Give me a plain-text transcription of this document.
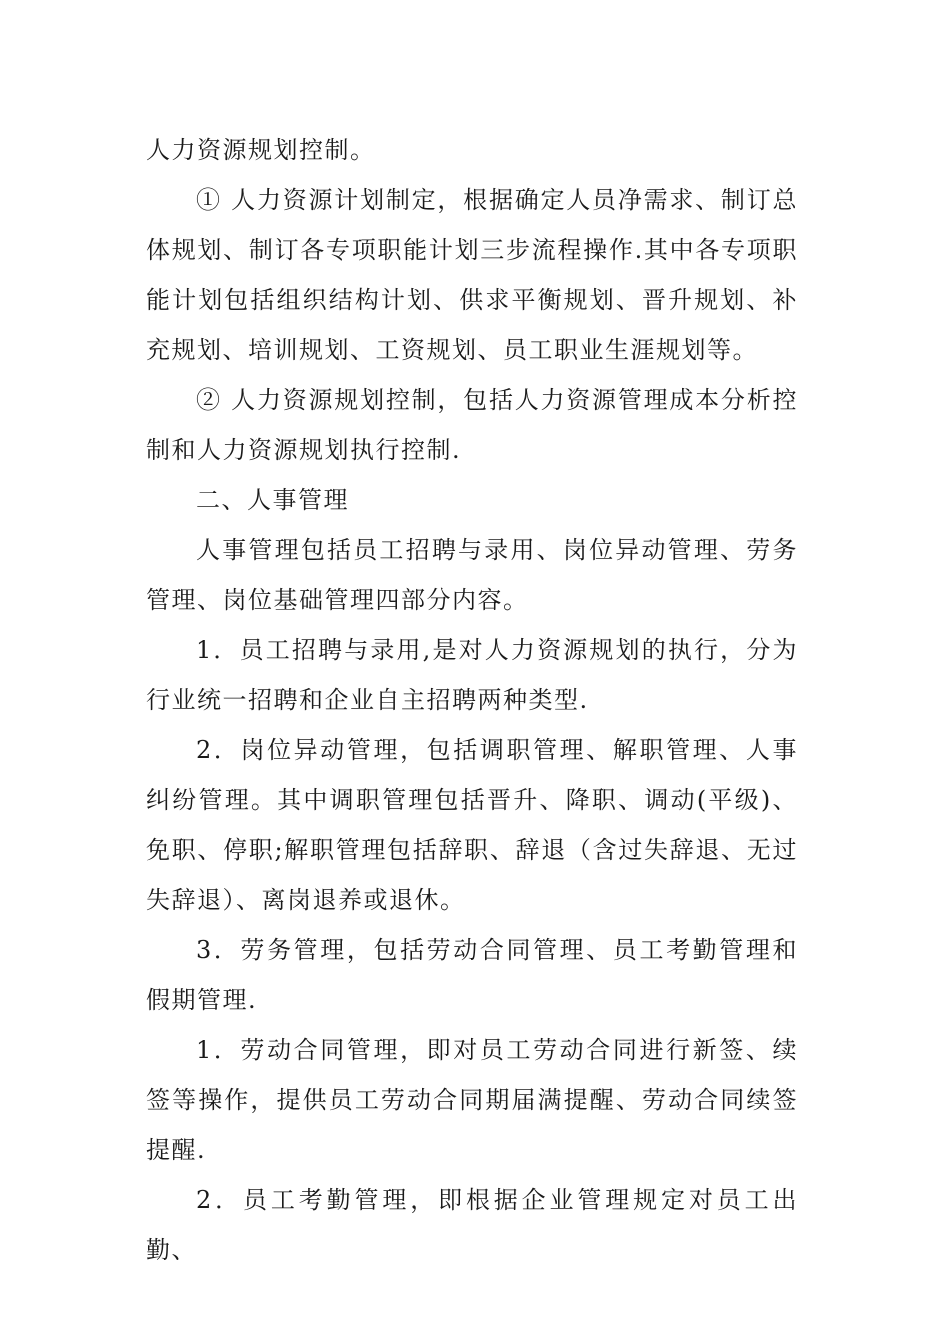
人力资源规划控制。

① 人力资源计划制定，根据确定人员净需求、制订总体规划、制订各专项职能计划三步流程操作.其中各专项职能计划包括组织结构计划、供求平衡规划、晋升规划、补充规划、培训规划、工资规划、员工职业生涯规划等。

② 人力资源规划控制，包括人力资源管理成本分析控制和人力资源规划执行控制.

二、人事管理

人事管理包括员工招聘与录用、岗位异动管理、劳务管理、岗位基础管理四部分内容。

1．员工招聘与录用,是对人力资源规划的执行，分为行业统一招聘和企业自主招聘两种类型.

2．岗位异动管理，包括调职管理、解职管理、人事纠纷管理。其中调职管理包括晋升、降职、调动(平级)、免职、停职;解职管理包括辞职、辞退（含过失辞退、无过失辞退）、离岗退养或退休。

3．劳务管理，包括劳动合同管理、员工考勤管理和假期管理.

1．劳动合同管理，即对员工劳动合同进行新签、续签等操作，提供员工劳动合同期届满提醒、劳动合同续签提醒.

2．员工考勤管理，即根据企业管理规定对员工出勤、
